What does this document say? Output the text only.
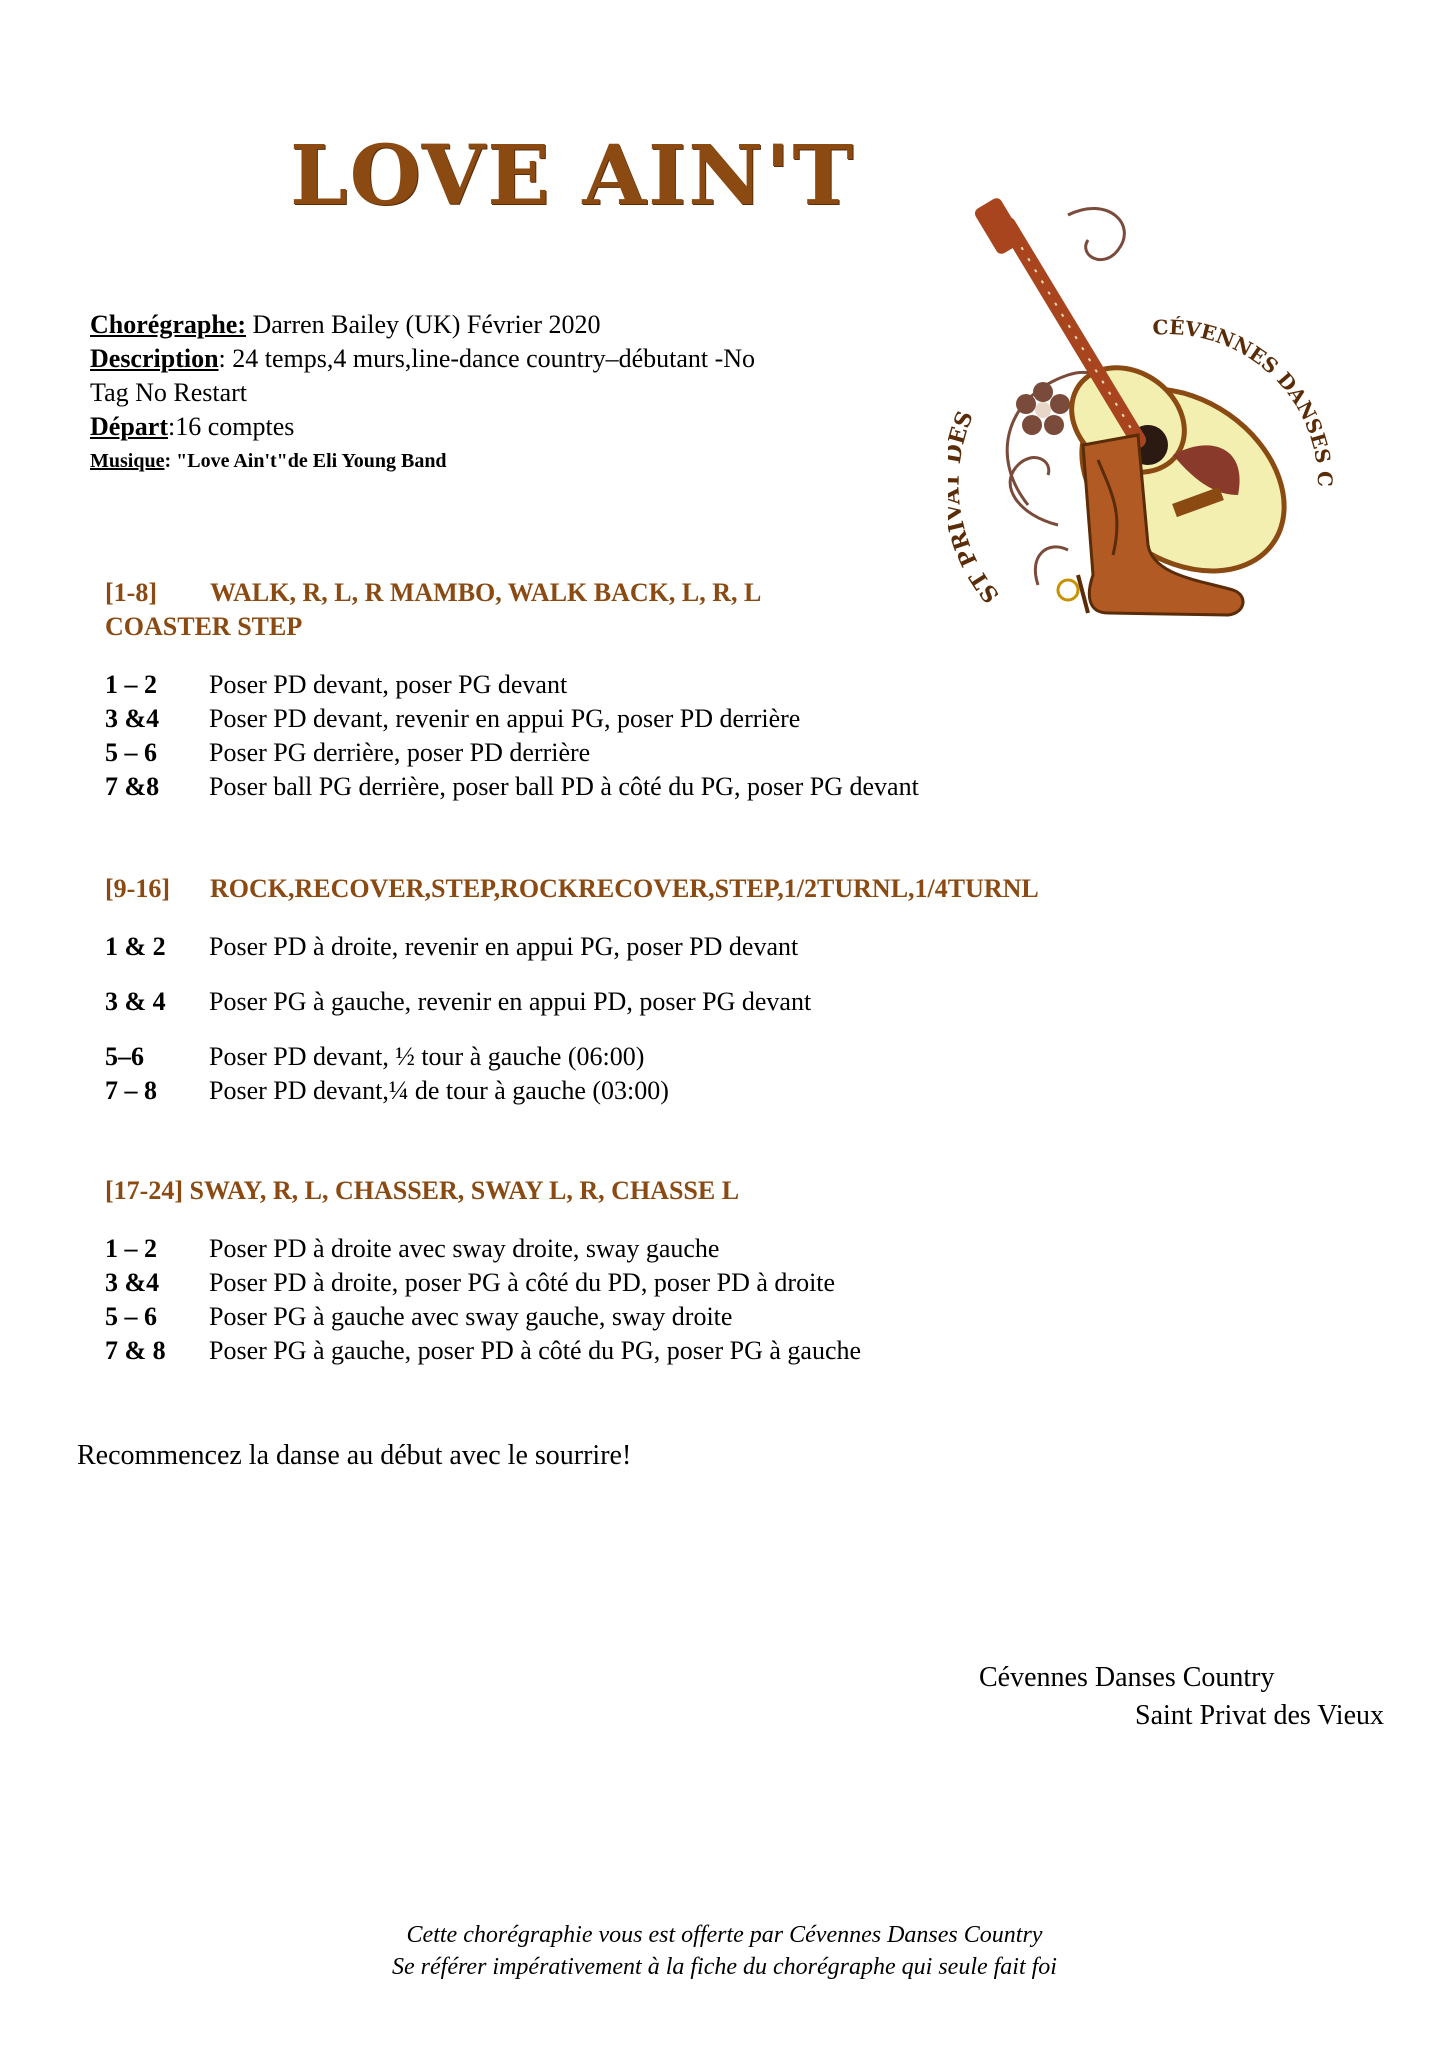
LOVE AIN'T
Chorégraphe: Darren Bailey (UK) Février 2020
Description: 24 temps,4 murs,line-dance country–débutant -No
Tag No Restart
Départ:16 comptes
Musique: "Love Ain't"de Eli Young Band
ST PR S
CÉVENNES DANSES C
[1-8] WALK, R, L, R MAMBO, WALK BACK, L, R, L
COASTER STEP
1 – 2 Poser PD devant, poser PG devant
3 &4 Poser PD devant, revenir en appui PG, poser PD derrière
5 – 6 Poser PG derrière, poser PD derrière
7 &8 Poser ball PG derrière, poser ball PD à côté du PG, poser PG devant
[9-16] ROCK,RECOVER,STEP,ROCKRECOVER,STEP,1/2TURNL,1/4TURNL
1 & 2 Poser PD à droite, revenir en appui PG, poser PD devant
3 & 4 Poser PG à gauche, revenir en appui PD, poser PG devant
5–6	Poser PD devant, ½ tour à gauche (06:00)
7 – 8 Poser PD devant,¼ de tour à gauche (03:00)
[17-24] SWAY, R, L, CHASSER, SWAY L, R, CHASSE L
1 – 2 Poser PD à droite avec sway droite, sway gauche
3 &4 Poser PD à droite, poser PG à côté du PD, poser PD à droite
5 – 6 Poser PG à gauche avec sway gauche, sway droite
7 & 8 Poser PG à gauche, poser PD à côté du PG, poser PG à gauche
Recommencez la danse au début avec le sourrire!
Cévennes Danses Country
Saint Privat des Vieux
Cette chorégraphie vous est offerte par Cévennes Danses Country
Se référer impérativement à la fiche du chorégraphe qui seule fait foi
